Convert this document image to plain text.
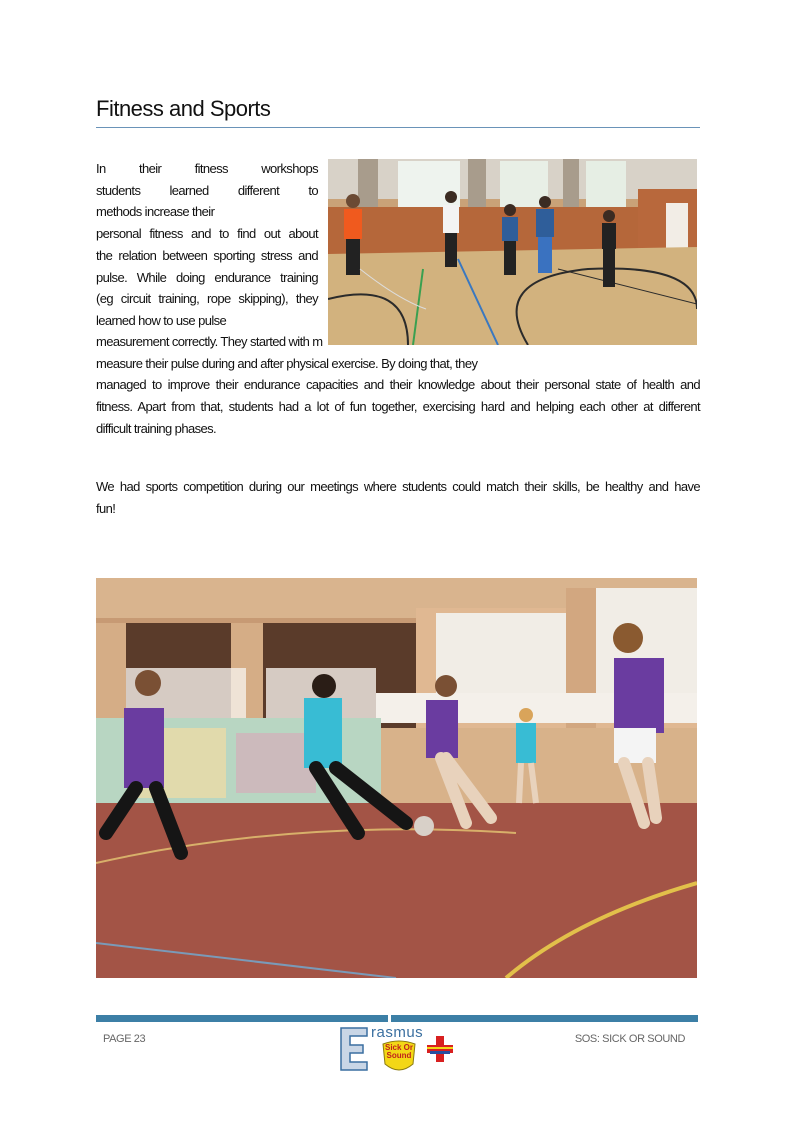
Fitness and Sports
In their fitness workshops
students learned different to
methods increase their
personal fitness and to find out about
the relation between sporting stress and
pulse. While doing endurance training
(eg circuit training, rope skipping), they
learned how to use pulse
measurement correctly. They started with m
measure their pulse during and after physical exercise. By doing that, they
managed to improve their endurance capacities and their knowledge about their personal state of health and
fitness. Apart from that, students had a lot of fun together, exercising hard and helping each other at different
difficult training phases.
We had sports competition during our meetings where students could match their skills, be healthy and have
fun!
PAGE 23	SOS: SICK OR SOUND
rasmus
Sick Or Sound
